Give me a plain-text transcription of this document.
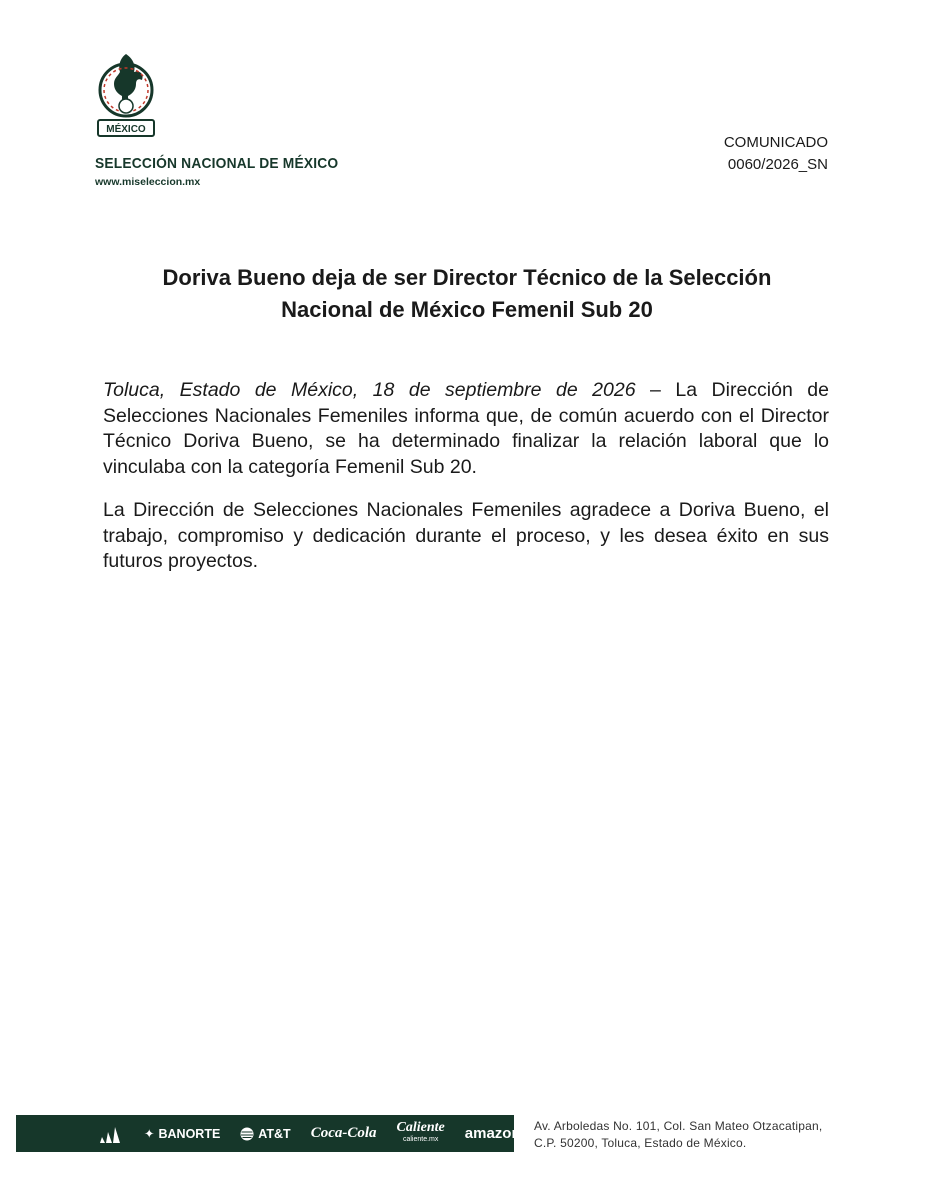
MÉXICO
SELECCIÓN NACIONAL DE MÉXICO
www.miseleccion.mx
COMUNICADO
0060/2026_SN
Doriva Bueno deja de ser Director Técnico de la Selección
Nacional de México Femenil Sub 20

Toluca, Estado de México, 18 de septiembre de 2026 – La Dirección de Selecciones Nacionales Femeniles informa que, de común acuerdo con el Director Técnico Doriva Bueno, se ha determinado finalizar la relación laboral que lo vinculaba con la categoría Femenil Sub 20.

La Dirección de Selecciones Nacionales Femeniles agradece a Doriva Bueno, el trabajo, compromiso y dedicación durante el proceso, y les desea éxito en sus futuros proyectos.

✦ BANORTE	AT&T Coca-Cola Caliente
caliente.mx amazon Av. Arboledas No. 101, Col. San Mateo Otzacatipan,
C.P. 50200, Toluca, Estado de México.
